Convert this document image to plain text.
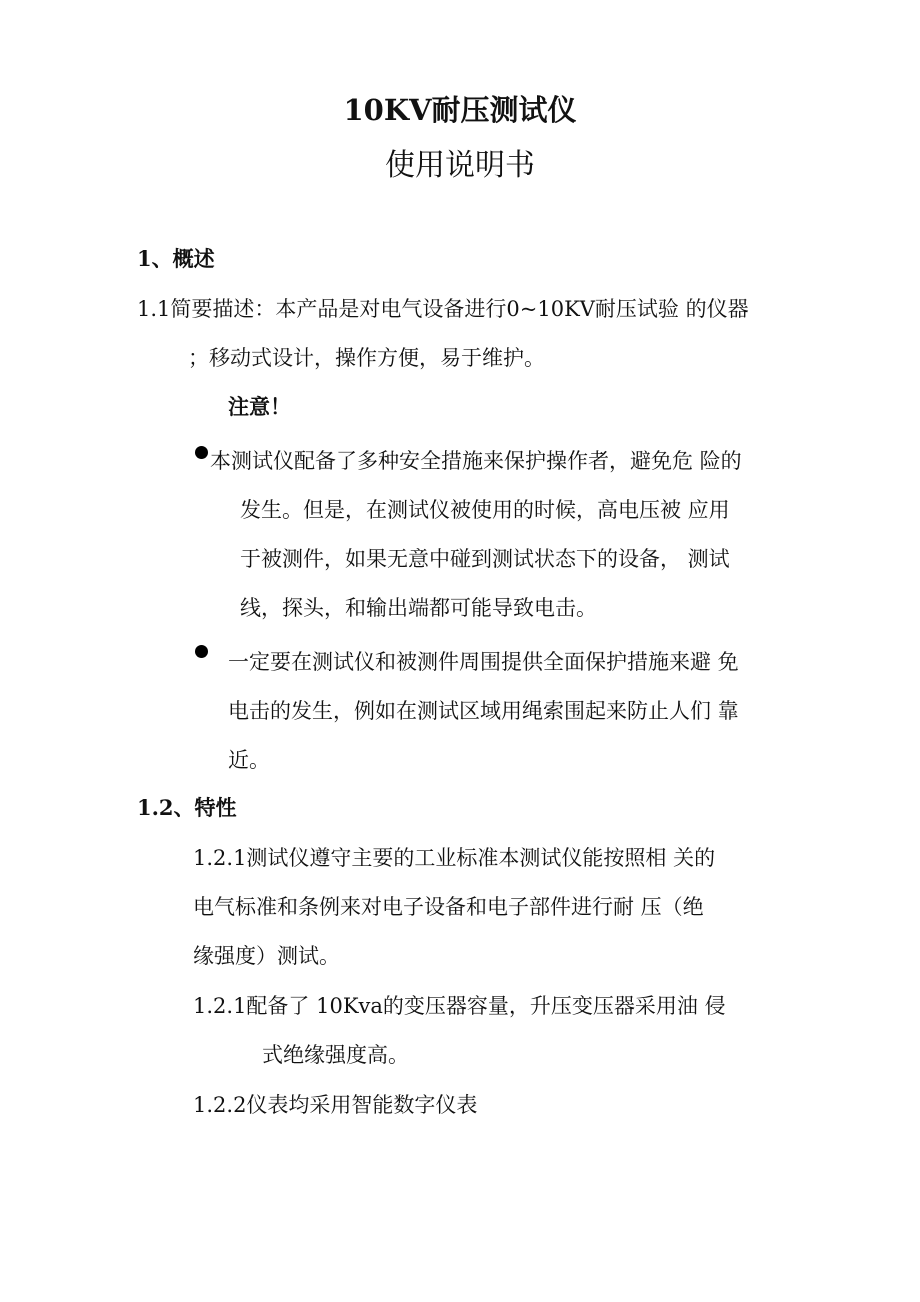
10KV耐压测试仪
使用说明书
1、概述
1.1简要描述：本产品是对电气设备进行0~10KV耐压试验 的仪器
；移动式设计，操作方便，易于维护。
注意！
本测试仪配备了多种安全措施来保护操作者，避免危 险的
发生。但是，在测试仪被使用的时候，高电压被 应用
于被测件，如果无意中碰到测试状态下的设备， 测试
线，探头，和输出端都可能导致电击。
一定要在测试仪和被测件周围提供全面保护措施来避 免
电击的发生，例如在测试区域用绳索围起来防止人们 靠
近。
1.2、特性
1.2.1测试仪遵守主要的工业标准本测试仪能按照相 关的
电气标准和条例来对电子设备和电子部件进行耐 压（绝
缘强度）测试。
1.2.1配备了 10Kva的变压器容量，升压变压器采用油 侵
式绝缘强度高。
1.2.2仪表均采用智能数字仪表
